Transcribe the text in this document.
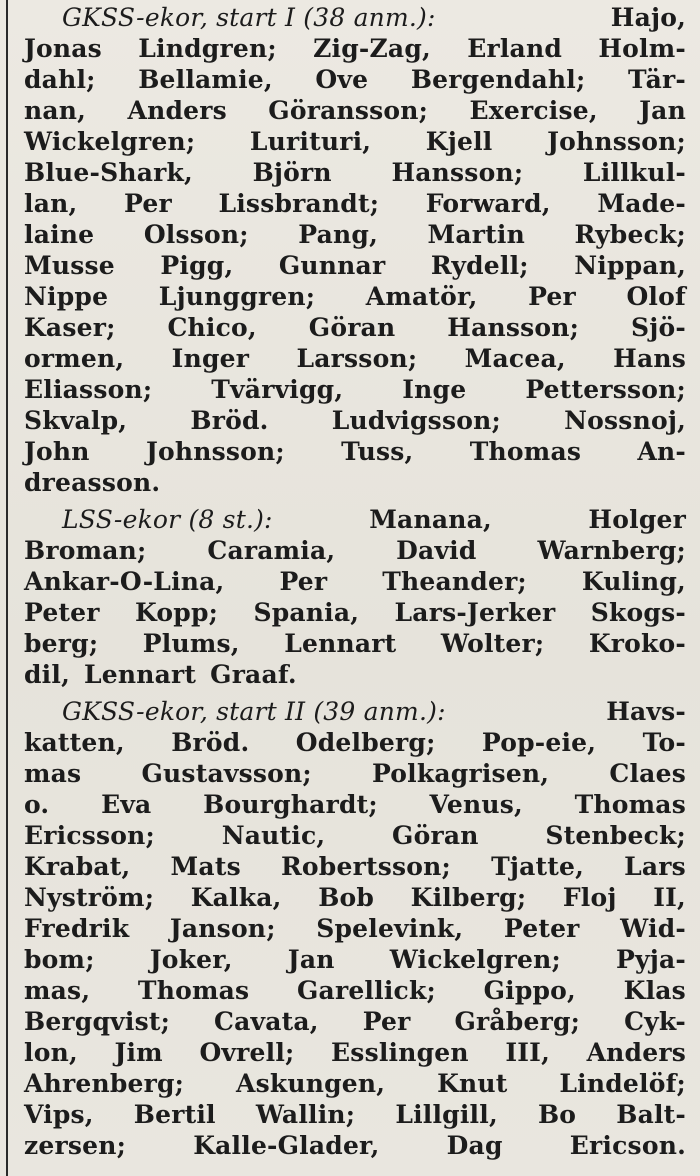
GKSS-ekor, start I (38 anm.):	Hajo,
Jonas Lindgren; Zig-Zag, Erland Holm-
dahl; Bellamie, Ove Bergendahl; Tär-
nan, Anders Göransson; Exercise, Jan
Wickelgren; Lurituri, Kjell Johnsson;
Blue-Shark, Björn Hansson; Lillkul-
lan, Per Lissbrandt; Forward, Made-
laine Olsson; Pang, Martin Rybeck;
Musse Pigg, Gunnar Rydell; Nippan,
Nippe Ljunggren; Amatör, Per Olof
Kaser; Chico, Göran Hansson; Sjö-
ormen, Inger Larsson; Macea, Hans
Eliasson; Tvärvigg, Inge Pettersson;
Skvalp,	Bröd.	Ludvigsson;	Nossnoj,
John Johnsson; Tuss, Thomas An-
dreasson.
LSS-ekor (8 st.):	Manana,	Holger
Broman; Caramia, David Warnberg;
Ankar-O-Lina, Per Theander; Kuling,
Peter Kopp; Spania, Lars-Jerker Skogs-
berg; Plums, Lennart Wolter; Kroko-
dil, Lennart Graaf.
GKSS-ekor, start II (39 anm.):	Havs-
katten, Bröd. Odelberg; Pop-eie, To-
mas Gustavsson; Polkagrisen, Claes
o. Eva Bourghardt; Venus, Thomas
Ericsson;	Nautic,	Göran	Stenbeck;
Krabat, Mats Robertsson; Tjatte, Lars
Nyström; Kalka, Bob Kilberg; Floj II,
Fredrik Janson; Spelevink, Peter Wid-
bom; Joker, Jan Wickelgren; Pyja-
mas, Thomas Garellick; Gippo, Klas
Bergqvist; Cavata, Per Gråberg; Cyk-
lon, Jim Ovrell; Esslingen III, Anders
Ahrenberg; Askungen, Knut Lindelöf;
Vips, Bertil Wallin; Lillgill, Bo Balt-
zersen;	Kalle-Glader,	Dag	Ericson.
